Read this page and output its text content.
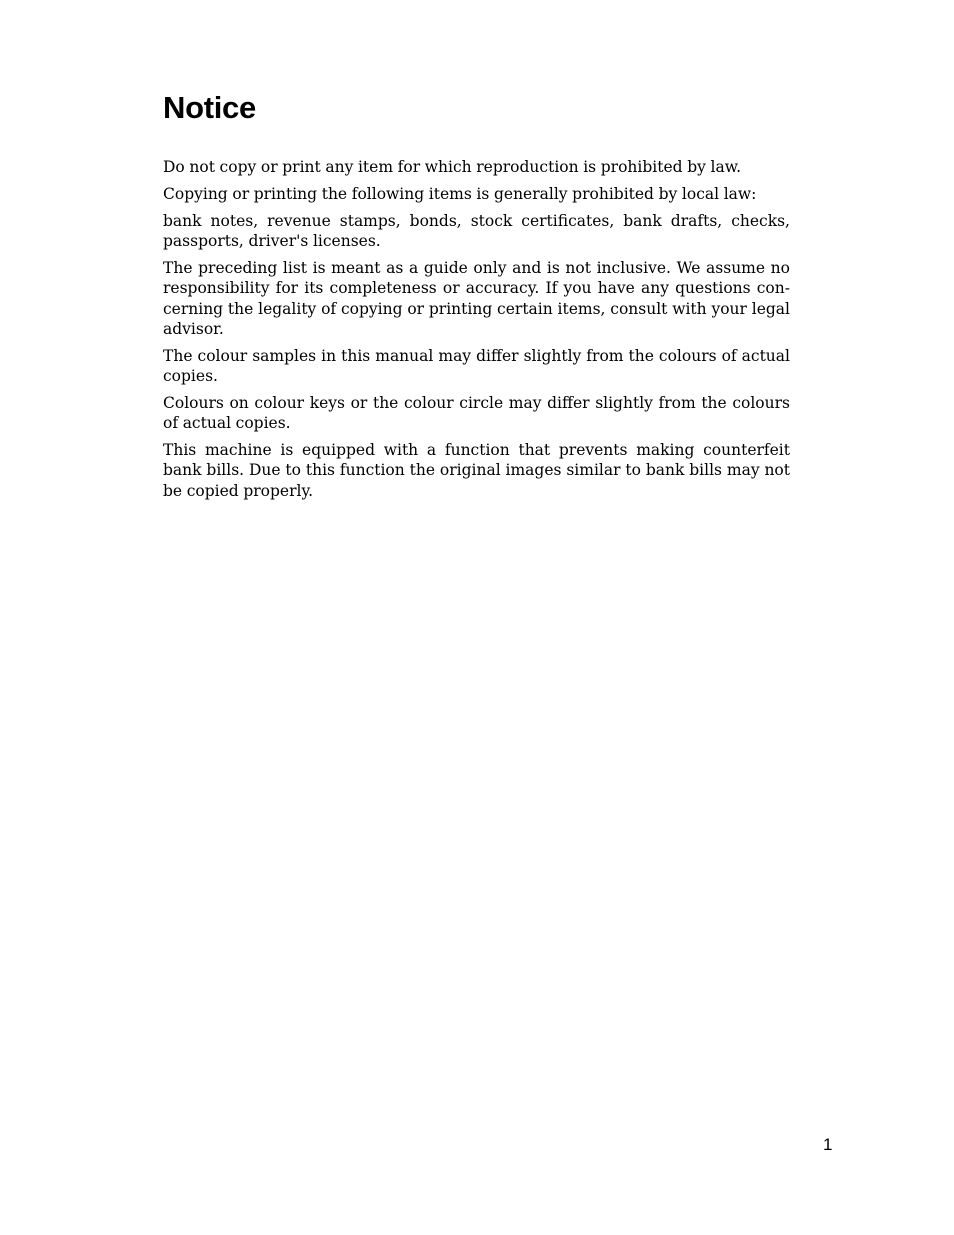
Notice

Do not copy or print any item for which reproduction is prohibited by law.

Copying or printing the following items is generally prohibited by local law:

bank notes, revenue stamps, bonds, stock certificates, bank drafts, checks, passports, driver's licenses.

The preceding list is meant as a guide only and is not inclusive. We assume no responsibility for its completeness or accuracy. If you have any questions concerning the legality of copying or printing certain items, consult with your legal advisor.

The colour samples in this manual may differ slightly from the colours of actual copies.

Colours on colour keys or the colour circle may differ slightly from the colours of actual copies.

This machine is equipped with a function that prevents making counterfeit bank bills. Due to this function the original images similar to bank bills may not be copied properly.

1
